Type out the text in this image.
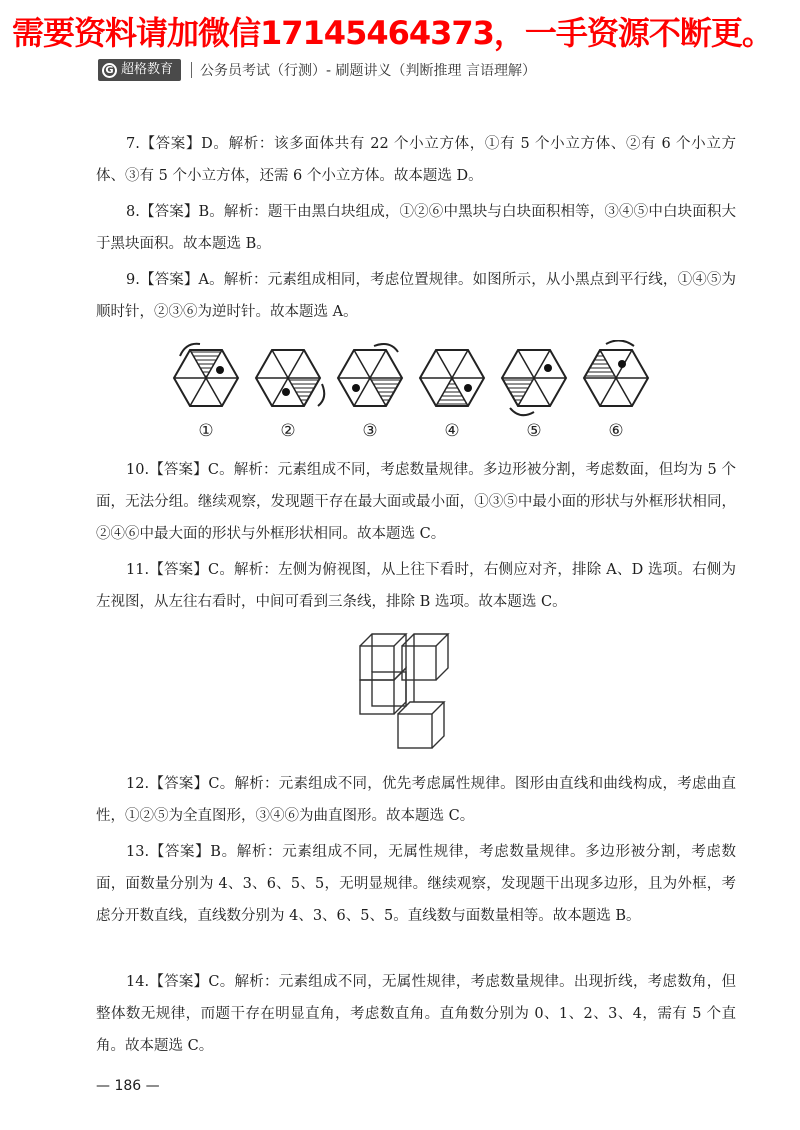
需要资料请加微信17145464373，一手资源不断更。
G 超格教育 公务员考试（行测）- 刷题讲义（判断推理 言语理解）

7.【答案】D。解析：该多面体共有 22 个小立方体，①有 5 个小立方体、②有 6 个小立方体、③有 5 个小立方体，还需 6 个小立方体。故本题选 D。

8.【答案】B。解析：题干由黑白块组成，①②⑥中黑块与白块面积相等，③④⑤中白块面积大于黑块面积。故本题选 B。

9.【答案】A。解析：元素组成相同，考虑位置规律。如图所示，从小黑点到平行线，①④⑤为顺时针，②③⑥为逆时针。故本题选 A。

①	②	③	④	⑤	⑥

10.【答案】C。解析：元素组成不同，考虑数量规律。多边形被分割，考虑数面，但均为 5 个面，无法分组。继续观察，发现题干存在最大面或最小面，①③⑤中最小面的形状与外框形状相同，②④⑥中最大面的形状与外框形状相同。故本题选 C。

11.【答案】C。解析：左侧为俯视图，从上往下看时，右侧应对齐，排除 A、D 选项。右侧为左视图，从左往右看时，中间可看到三条线，排除 B 选项。故本题选 C。

12.【答案】C。解析：元素组成不同，优先考虑属性规律。图形由直线和曲线构成，考虑曲直性，①②⑤为全直图形，③④⑥为曲直图形。故本题选 C。

13.【答案】B。解析：元素组成不同，无属性规律，考虑数量规律。多边形被分割，考虑数面，面数量分别为 4、3、6、5、5，无明显规律。继续观察，发现题干出现多边形，且为外框，考虑分开数直线，直线数分别为 4、3、6、5、5。直线数与面数量相等。故本题选 B。

14.【答案】C。解析：元素组成不同，无属性规律，考虑数量规律。出现折线，考虑数角，但整体数无规律，而题干存在明显直角，考虑数直角。直角数分别为 0、1、2、3、4，需有 5 个直角。故本题选 C。

— 186 —
